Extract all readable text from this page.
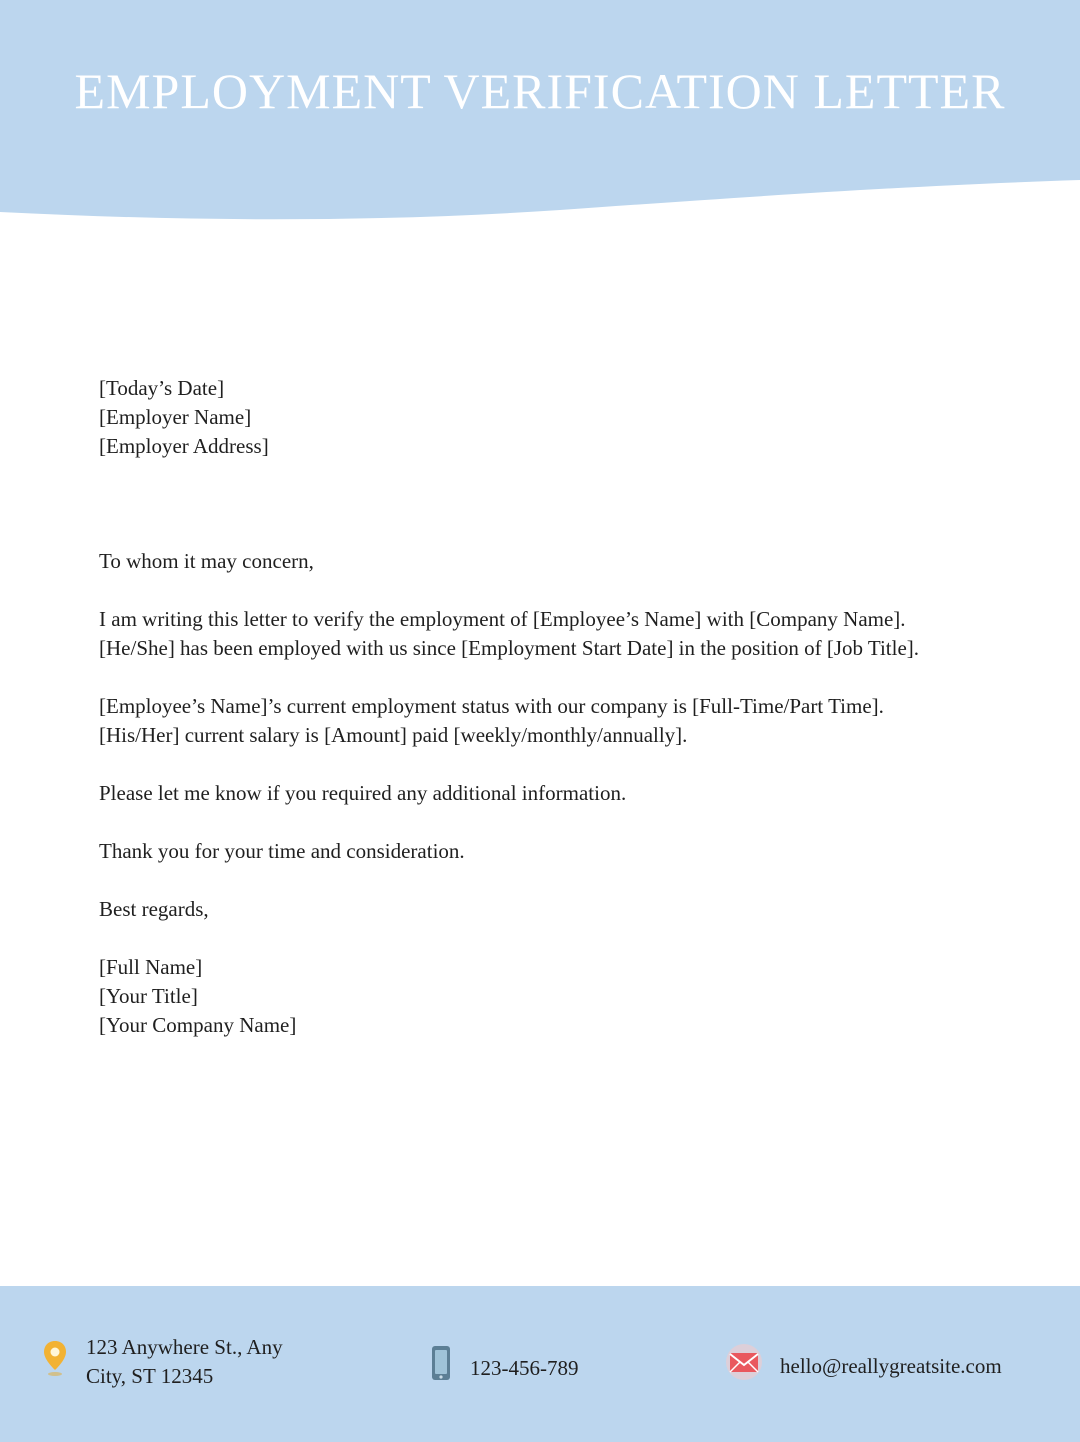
EMPLOYMENT VERIFICATION LETTER

[Today’s Date]

[Employer Name]

[Employer Address]

To whom it may concern,

I am writing this letter to verify the employment of [Employee’s Name] with [Company Name].

[He/She] has been employed with us since [Employment Start Date] in the position of [Job Title].

[Employee’s Name]’s current employment status with our company is [Full-Time/Part Time].

[His/Her] current salary is [Amount] paid [weekly/monthly/annually].

Please let me know if you required any additional information.

Thank you for your time and consideration.

Best regards,

[Full Name]

[Your Title]

[Your Company Name]

123 Anywhere St., Any
City, ST 12345	123-456-789	hello@reallygreatsite.com
